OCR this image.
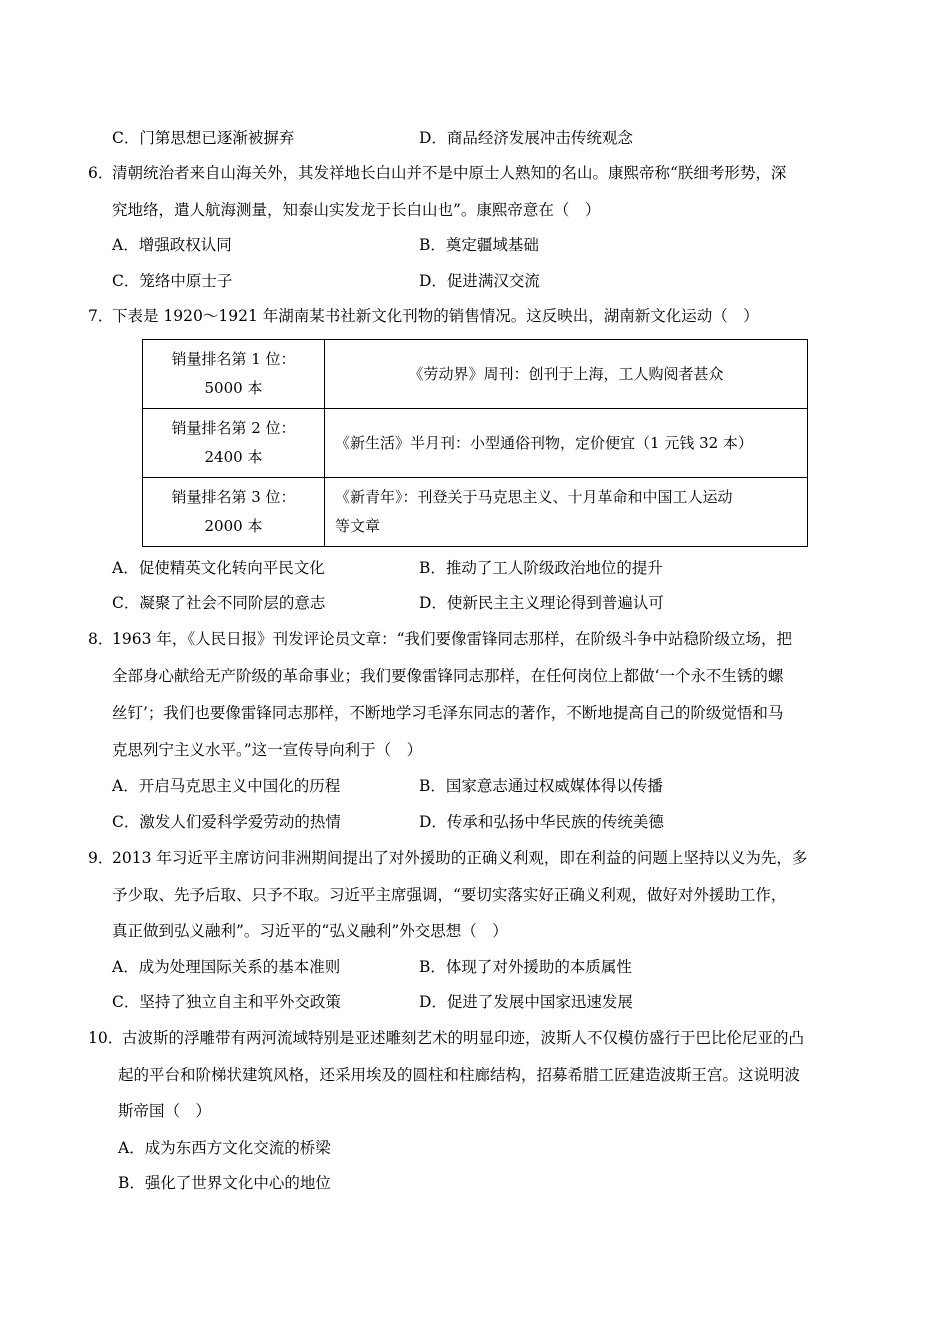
C．门第思想已逐渐被摒弃	D．商品经济发展冲击传统观念
6．
清朝统治者来自山海关外，其发祥地长白山并不是中原士人熟知的名山。康熙帝称“朕细考形势，深
究地络，遣人航海测量，知泰山实发龙于长白山也”。康熙帝意在（　）
A．增强政权认同	B．奠定疆域基础
C．笼络中原士子	D．促进满汉交流
7．
下表是 1920～1921 年湖南某书社新文化刊物的销售情况。这反映出，湖南新文化运动（　）
销量排名第 1 位：
5000 本	《劳动界》周刊：创刊于上海，工人购阅者甚众

销量排名第 2 位：
2400 本	《新生活》半月刊：小型通俗刊物，定价便宜（1 元钱 32 本）

销量排名第 3 位：
2000 本	《新青年》：刊登关于马克思主义、十月革命和中国工人运动
等文章
A．促使精英文化转向平民文化	B．推动了工人阶级政治地位的提升
C．凝聚了社会不同阶层的意志	D．使新民主主义理论得到普遍认可
8．
1963 年，《人民日报》刊发评论员文章：“我们要像雷锋同志那样，在阶级斗争中站稳阶级立场，把
全部身心献给无产阶级的革命事业；我们要像雷锋同志那样，在任何岗位上都做‘一个永不生锈的螺
丝钉’；我们也要像雷锋同志那样，不断地学习毛泽东同志的著作，不断地提高自己的阶级觉悟和马
克思列宁主义水平。”这一宣传导向利于（　）
A．开启马克思主义中国化的历程	B．国家意志通过权威媒体得以传播
C．激发人们爱科学爱劳动的热情	D．传承和弘扬中华民族的传统美德
9．
2013 年习近平主席访问非洲期间提出了对外援助的正确义利观，即在利益的问题上坚持以义为先，多
予少取、先予后取、只予不取。习近平主席强调，“要切实落实好正确义利观，做好对外援助工作，
真正做到弘义融利”。习近平的“弘义融利”外交思想（　）
A．成为处理国际关系的基本准则	B．体现了对外援助的本质属性
C．坚持了独立自主和平外交政策	D．促进了发展中国家迅速发展
10．
古波斯的浮雕带有两河流域特别是亚述雕刻艺术的明显印迹，波斯人不仅模仿盛行于巴比伦尼亚的凸
起的平台和阶梯状建筑风格，还采用埃及的圆柱和柱廊结构，招募希腊工匠建造波斯王宫。这说明波
斯帝国（　）
A．成为东西方文化交流的桥梁
B．强化了世界文化中心的地位
